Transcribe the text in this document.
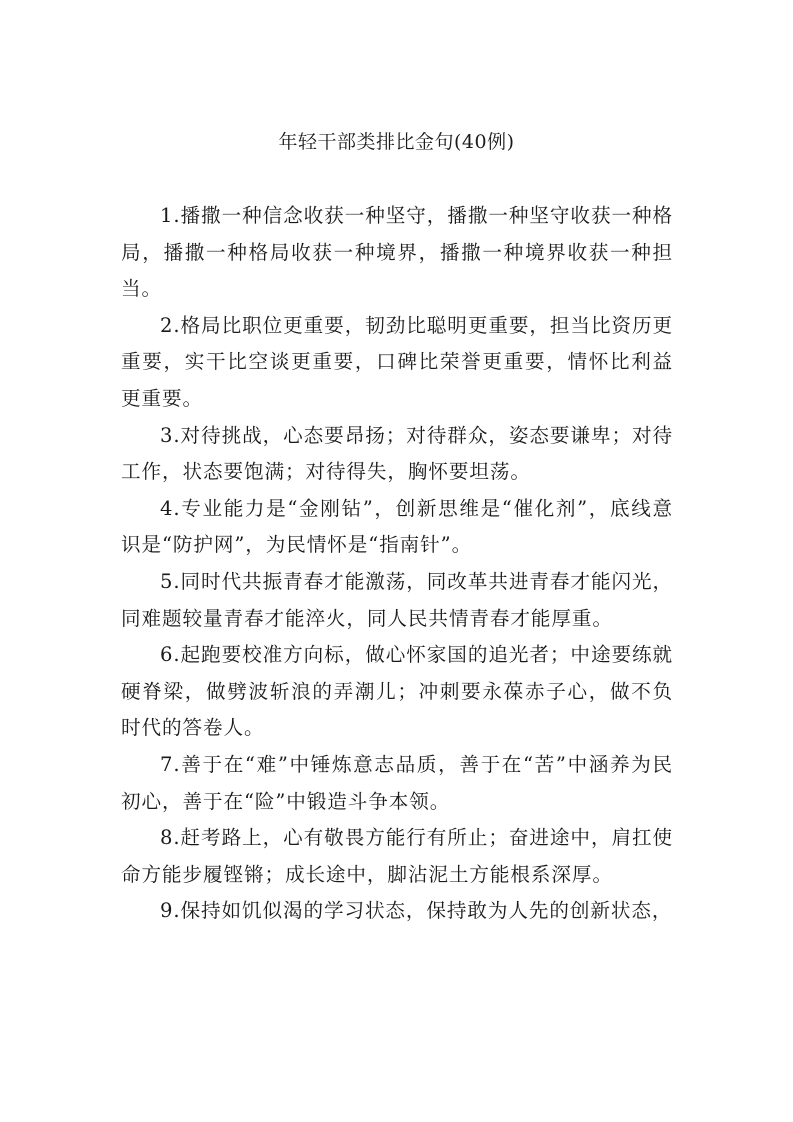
年轻干部类排比金句(40例)

1.播撒一种信念收获一种坚守，播撒一种坚守收获一种格局，播撒一种格局收获一种境界，播撒一种境界收获一种担当。

2.格局比职位更重要，韧劲比聪明更重要，担当比资历更重要，实干比空谈更重要，口碑比荣誉更重要，情怀比利益更重要。

3.对待挑战，心态要昂扬；对待群众，姿态要谦卑；对待工作，状态要饱满；对待得失，胸怀要坦荡。

4.专业能力是“金刚钻”，创新思维是“催化剂”，底线意识是“防护网”，为民情怀是“指南针”。

5.同时代共振青春才能激荡，同改革共进青春才能闪光，同难题较量青春才能淬火，同人民共情青春才能厚重。

6.起跑要校准方向标，做心怀家国的追光者；中途要练就硬脊梁，做劈波斩浪的弄潮儿；冲刺要永葆赤子心，做不负时代的答卷人。

7.善于在“难”中锤炼意志品质，善于在“苦”中涵养为民初心，善于在“险”中锻造斗争本领。

8.赶考路上，心有敬畏方能行有所止；奋进途中，肩扛使命方能步履铿锵；成长途中，脚沾泥土方能根系深厚。

9.保持如饥似渴的学习状态，保持敢为人先的创新状态，
